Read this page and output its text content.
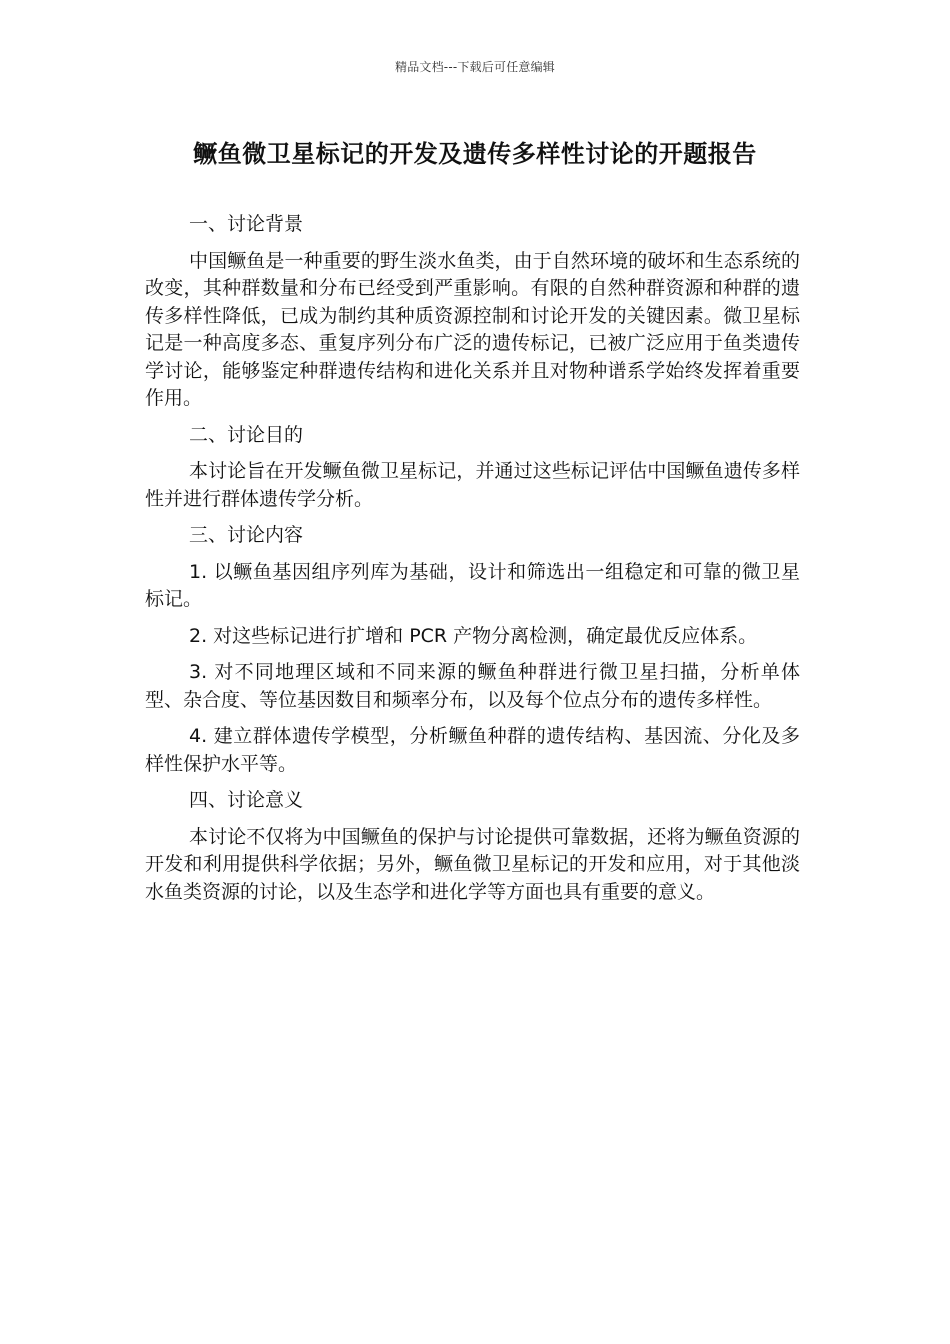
精品文档---下载后可任意编辑
鳜鱼微卫星标记的开发及遗传多样性讨论的开题报告

一、讨论背景

中国鳜鱼是一种重要的野生淡水鱼类，由于自然环境的破坏和生态系统的改变，其种群数量和分布已经受到严重影响。有限的自然种群资源和种群的遗传多样性降低，已成为制约其种质资源控制和讨论开发的关键因素。微卫星标记是一种高度多态、重复序列分布广泛的遗传标记，已被广泛应用于鱼类遗传学讨论，能够鉴定种群遗传结构和进化关系并且对物种谱系学始终发挥着重要作用。

二、讨论目的

本讨论旨在开发鳜鱼微卫星标记，并通过这些标记评估中国鳜鱼遗传多样性并进行群体遗传学分析。

三、讨论内容

1. 以鳜鱼基因组序列库为基础，设计和筛选出一组稳定和可靠的微卫星标记。

2. 对这些标记进行扩增和 PCR 产物分离检测，确定最优反应体系。

3. 对不同地理区域和不同来源的鳜鱼种群进行微卫星扫描，分析单体型、杂合度、等位基因数目和频率分布，以及每个位点分布的遗传多样性。

4. 建立群体遗传学模型，分析鳜鱼种群的遗传结构、基因流、分化及多样性保护水平等。

四、讨论意义

本讨论不仅将为中国鳜鱼的保护与讨论提供可靠数据，还将为鳜鱼资源的开发和利用提供科学依据；另外，鳜鱼微卫星标记的开发和应用，对于其他淡水鱼类资源的讨论，以及生态学和进化学等方面也具有重要的意义。
